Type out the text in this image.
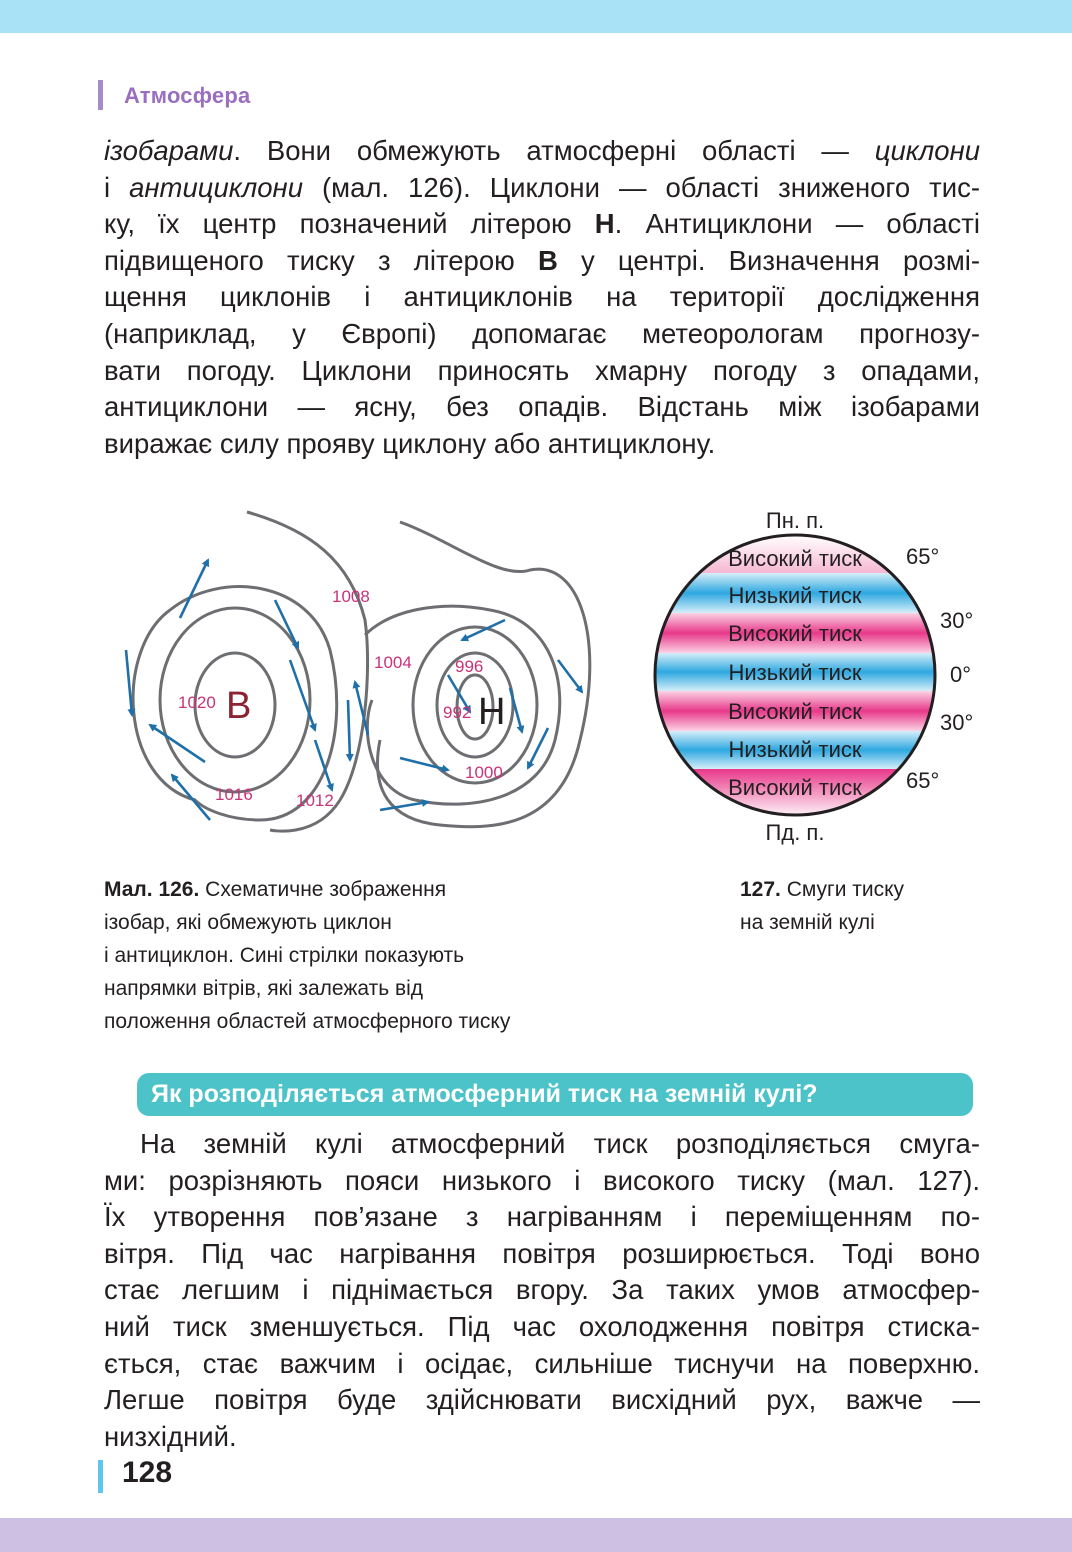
Атмосфера
ізобарами. Вони обмежують атмосферні області — циклони
і антициклони (мал. 126). Циклони — області зниженого тис-
ку, їх центр позначений літерою Н. Антициклони — області
підвищеного тиску з літерою В у центрі. Визначення розмі-
щення циклонів і антициклонів на території дослідження
(наприклад, у Європі) допомагає метеорологам прогнозу-
вати погоду. Циклони приносять хмарну погоду з опадами,
антициклони — ясну, без опадів. Відстань між ізобарами
виражає силу прояву циклону або антициклону.
1008
1004	996
992
1020
1000
1016	1012
В	Н
Пн. п.
Пд. п.
Високий тиск
Низький тиск
Високий тиск
Низький тиск
Високий тиск
Низький тиск
Високий тиск
65°
30°
0°
30°
65°
Мал. 126. Схематичне зображення
ізобар, які обмежують циклон
і антициклон. Сині стрілки показують
напрямки вітрів, які залежать від
положення областей атмосферного тиску
127. Смуги тиску
на земній кулі
Як розподіляється атмосферний тиск на земній кулі?
На земній кулі атмосферний тиск розподіляється смуга-
ми: розрізняють пояси низького і високого тиску (мал. 127).
Їх утворення пов’язане з нагріванням і переміщенням по-
вітря. Під час нагрівання повітря розширюється. Тоді воно
стає легшим і піднімається вгору. За таких умов атмосфер-
ний тиск зменшується. Під час охолодження повітря стиска-
ється, стає важчим і осідає, сильніше тиснучи на поверхню.
Легше повітря буде здійснювати висхідний рух, важче —
низхідний.
128
